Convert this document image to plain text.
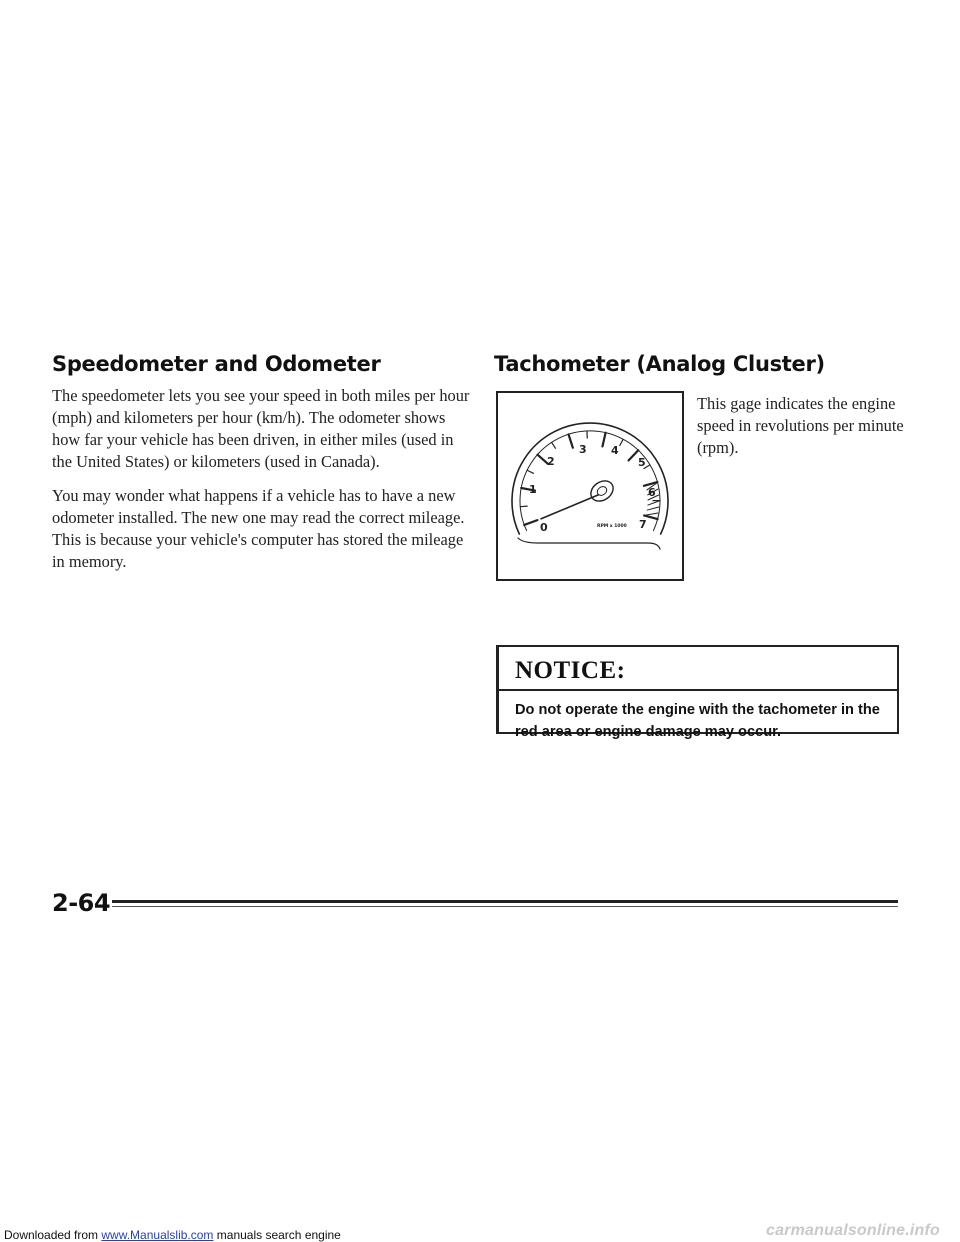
Speedometer and Odometer

The speedometer lets you see your speed in both miles per hour (mph) and kilometers per hour (km/h). The odometer shows how far your vehicle has been driven, in either miles (used in the United States) or kilometers (used in Canada).

You may wonder what happens if a vehicle has to have a new odometer installed. The new one may read the correct mileage. This is because your vehicle's computer has stored the mileage in memory.

Tachometer (Analog Cluster)
0
1
2
3 4
5
6
7
RPM x 1000

This gage indicates the engine speed in revolutions per minute (rpm).

NOTICE:
Do not operate the engine with the tachometer in the red area or engine damage may occur.
2-64
Downloaded from www.Manualslib.com manuals search engine	carmanualsonline.info
